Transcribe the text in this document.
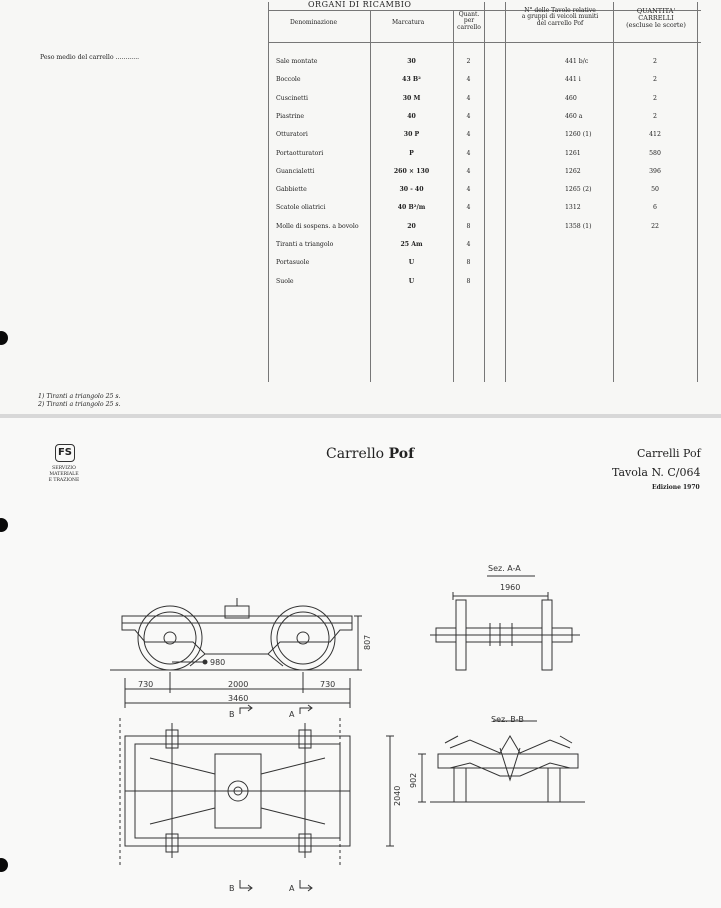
ORGANI DI RICAMBIO
Denominazione	Marcatura
Quant.
per
carrello
N° delle Tavole relative
a gruppi di veicoli muniti
del carrello Pof
QUANTITA'
CARRELLI
(escluse le scorte)
Peso medio del carrello ............
Sale montate	30	2	441 b/c	2
Boccole	43 B²	4	441 i	2
Cuscinetti	30 M	4	460	2
Piastrine	40	4	460 a	2
Otturatori	30 P	4	1260 (1)	412
Portaotturatori	P	4	1261	580
Guancialetti	260 × 130	4	1262	396
Gabbiette	30 - 40	4	1265 (2)	50
Scatole oliatrici	40 B²/m	4	1312	6
Molle di sospens. a bovolo	20	8	1358 (1)	22
Tiranti a triangolo	25 Am	4
Portasuole	U	8
Suole	U	8
1) Tiranti a triangolo 25 s.
2) Tiranti a triangolo 25 s.
FS
SERVIZIO MATERIALE
E TRAZIONE
Carrello Pof	Carrelli Pof
Tavola N. C/064
Edizione 1970
Sez. A-A
Sez. B-B
1960
807
980
730	2000	730
3460
2040
902
B	A
B	A
